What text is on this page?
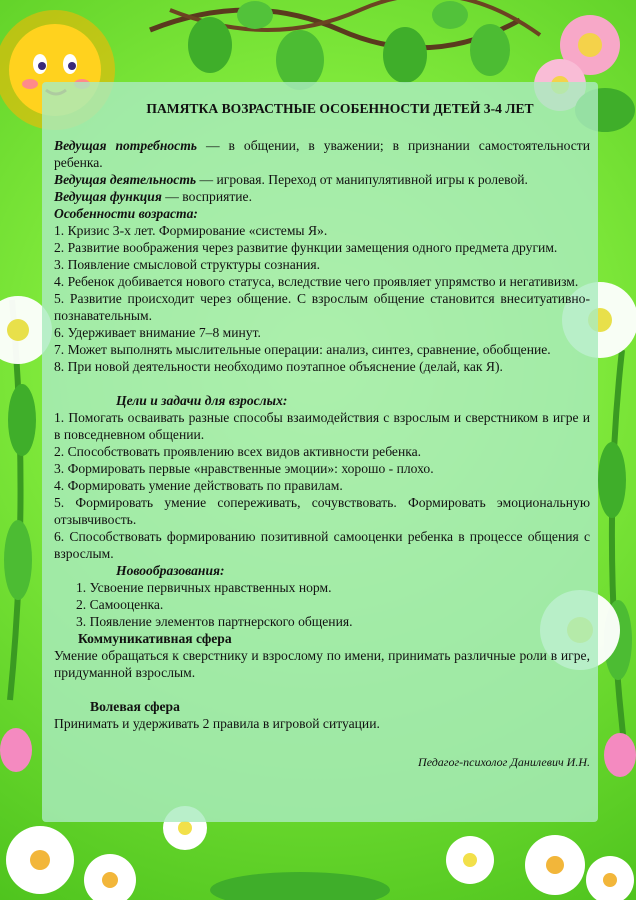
ПАМЯТКА ВОЗРАСТНЫЕ ОСОБЕННОСТИ ДЕТЕЙ 3-4 ЛЕТ

Ведущая потребность — в общении, в уважении; в признании самостоятельности ребенка.

Ведущая деятельность — игровая. Переход от манипулятивной игры к ролевой.

Ведущая функция — восприятие.

Особенности возраста:

1. Кризис 3-х лет. Формирование «системы Я».

2. Развитие воображения через развитие функции замещения одного предмета другим.

3. Появление смысловой структуры сознания.

4. Ребенок добивается нового статуса, вследствие чего проявляет упрямство и негативизм.

5. Развитие происходит через общение. С взрослым общение становится внеситуативно-познавательным.

6. Удерживает внимание 7–8 минут.

7. Может выполнять мыслительные операции: анализ, синтез, сравнение, обобщение.

8. При новой деятельности необходимо поэтапное объяснение (делай, как Я).

Цели и задачи для взрослых:

1. Помогать осваивать разные способы взаимодействия с взрослым и сверстником в игре и в повседневном общении.

2. Способствовать проявлению всех видов активности ребенка.

3. Формировать первые «нравственные эмоции»: хорошо - плохо.

4. Формировать умение действовать по правилам.

5. Формировать умение сопереживать, сочувствовать. Формировать эмоциональную отзывчивость.

6. Способствовать формированию позитивной самооценки ребенка в процессе общения с взрослым.

Новообразования:

1. Усвоение первичных нравственных норм.

2. Самооценка.

3. Появление элементов партнерского общения.

Коммуникативная сфера

Умение обращаться к сверстнику и взрослому по имени, принимать различные роли в игре, придуманной взрослым.

Волевая сфера

Принимать и удерживать 2 правила в игровой ситуации.

Педагог-психолог Данилевич И.Н.
